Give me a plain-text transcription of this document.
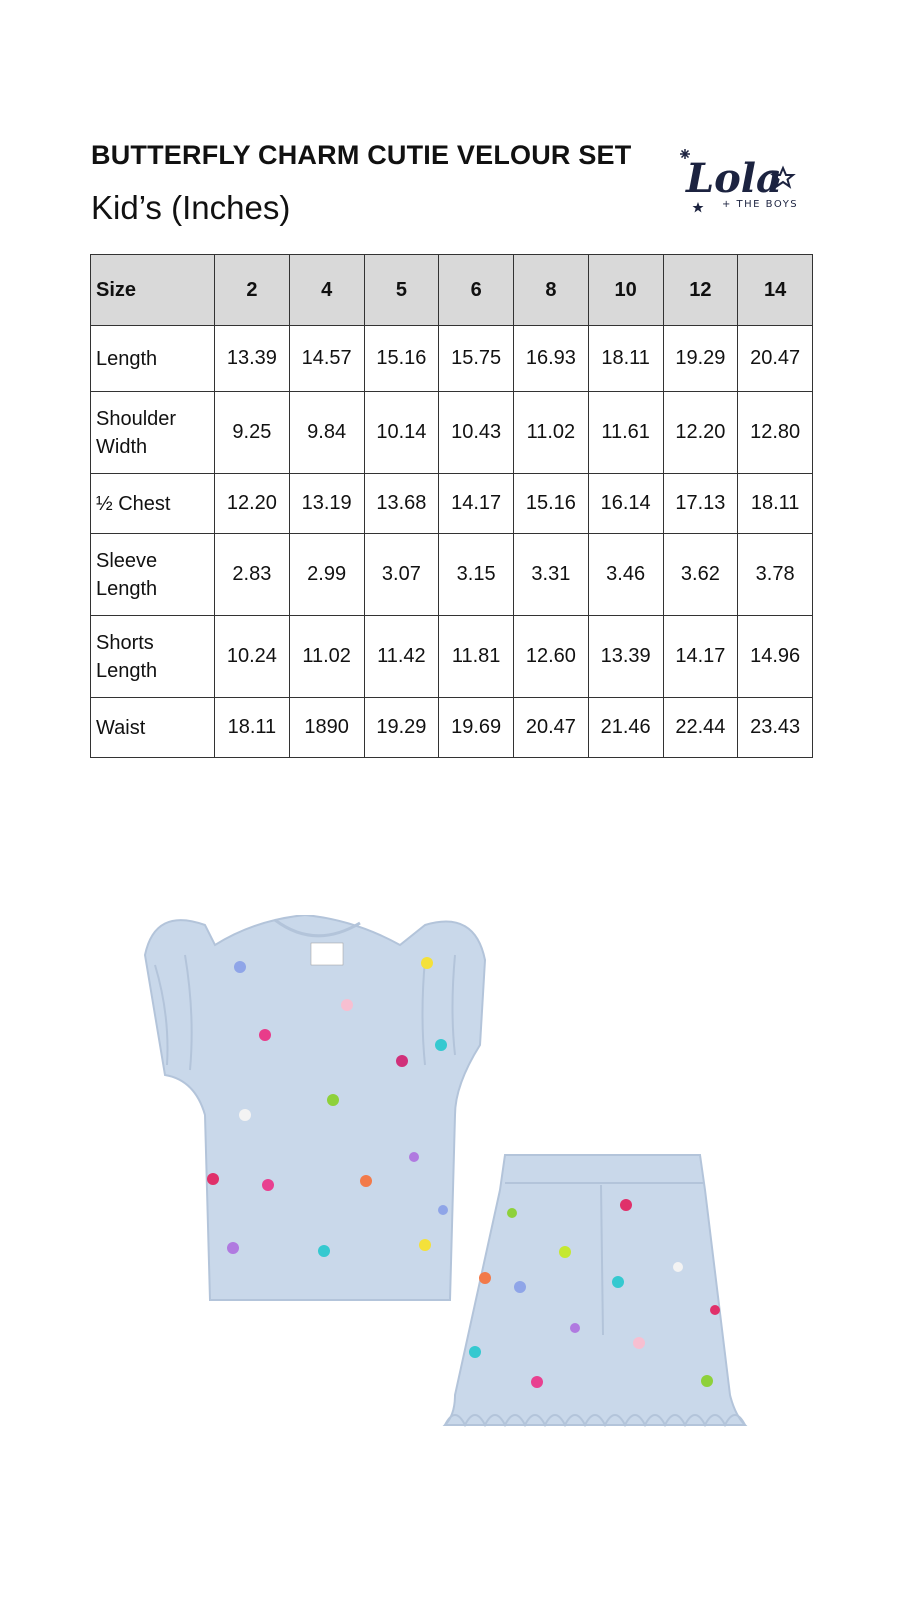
BUTTERFLY CHARM CUTIE VELOUR SET
Kid’s (Inches)
Lola
+ THE BOYS
Size	2	4	5	6	8	10	12	14
Length	13.39	14.57	15.16	15.75	16.93	18.11	19.29	20.47
Shoulder
Width	9.25	9.84	10.14	10.43	11.02	11.61	12.20	12.80
½ Chest	12.20	13.19	13.68	14.17	15.16	16.14	17.13	18.11
Sleeve
Length	2.83	2.99	3.07	3.15	3.31	3.46	3.62	3.78
Shorts
Length	10.24	11.02	11.42	11.81	12.60	13.39	14.17	14.96
Waist	18.11	1890	19.29	19.69	20.47	21.46	22.44	23.43
